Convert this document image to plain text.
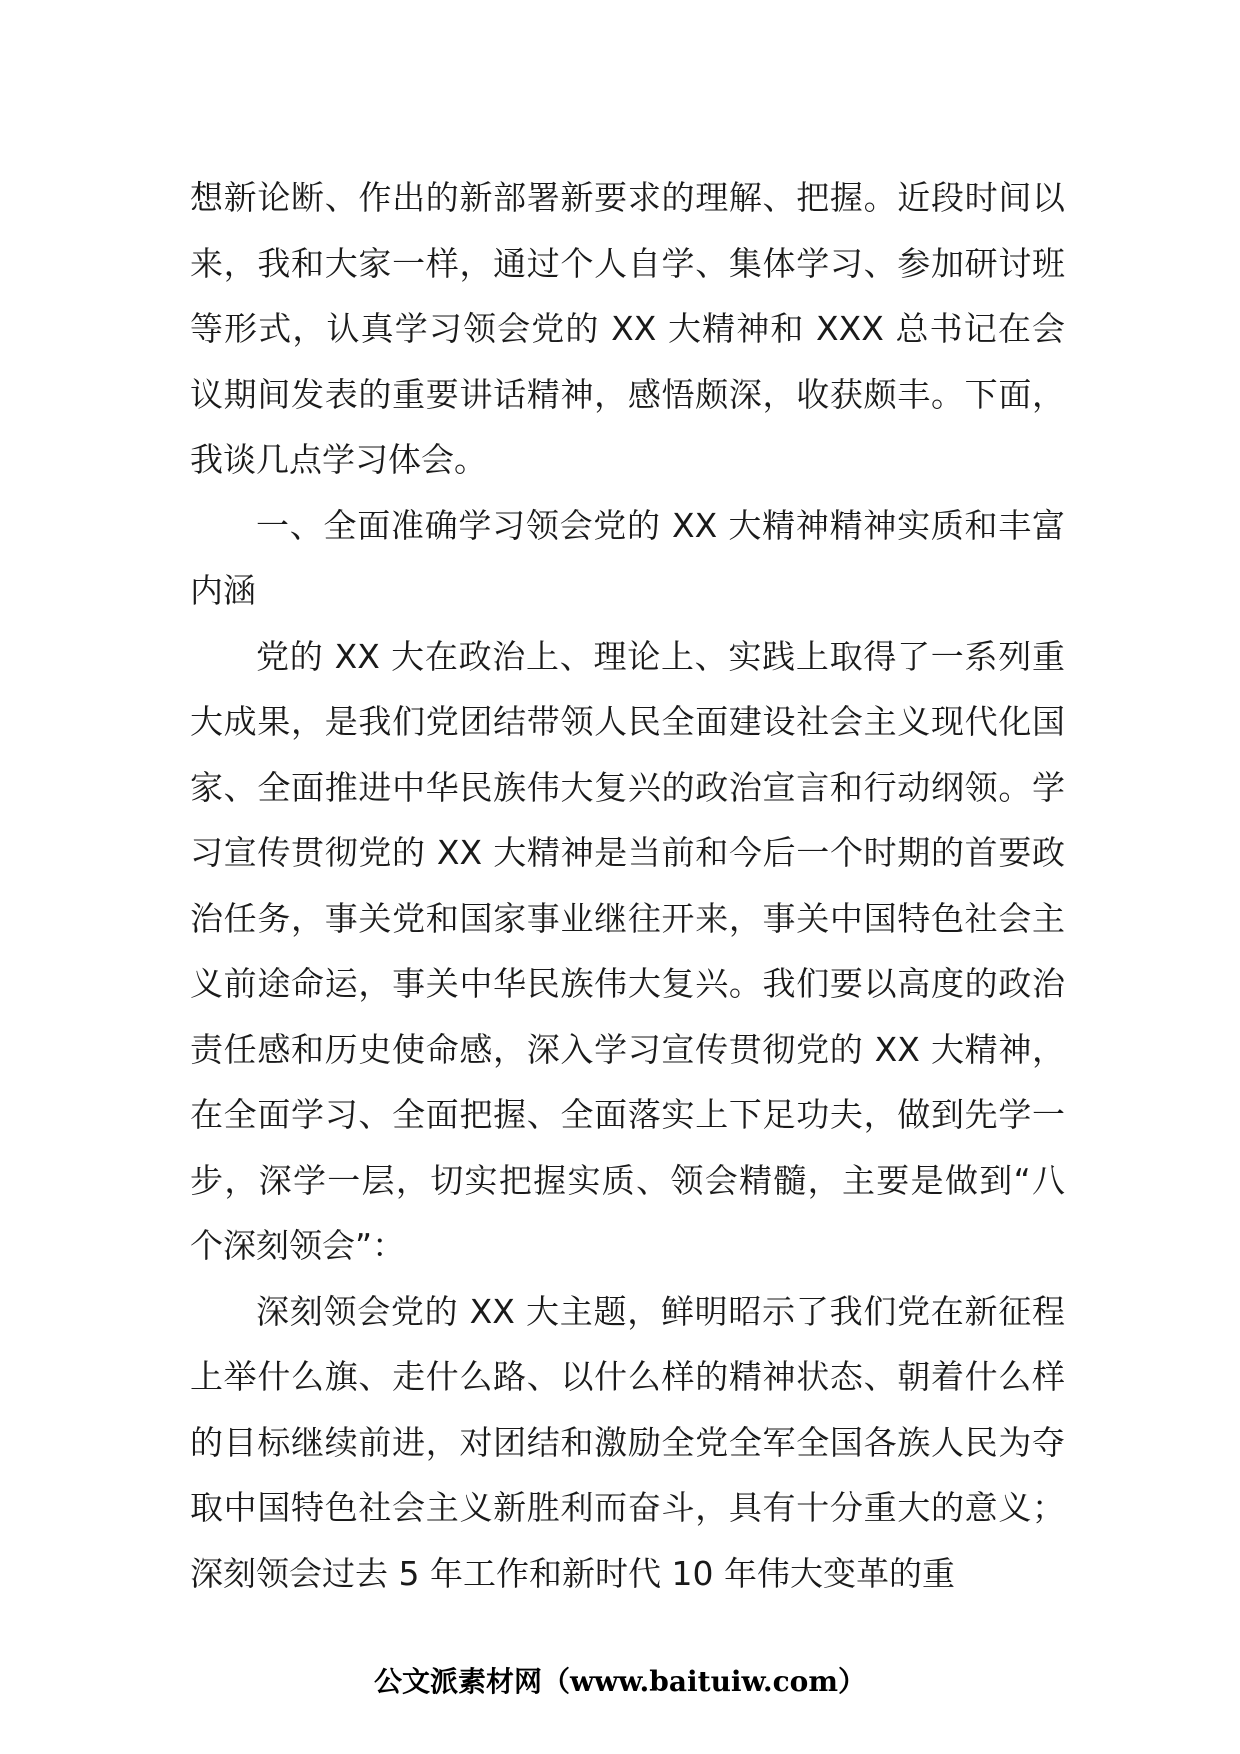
想新论断、作出的新部署新要求的理解、把握。近段时间以来，我和大家一样，通过个人自学、集体学习、参加研讨班等形式，认真学习领会党的 XX 大精神和 XXX 总书记在会议期间发表的重要讲话精神，感悟颇深，收获颇丰。下面，我谈几点学习体会。

一、全面准确学习领会党的 XX 大精神精神实质和丰富内涵

党的 XX 大在政治上、理论上、实践上取得了一系列重大成果，是我们党团结带领人民全面建设社会主义现代化国家、全面推进中华民族伟大复兴的政治宣言和行动纲领。学习宣传贯彻党的 XX 大精神是当前和今后一个时期的首要政治任务，事关党和国家事业继往开来，事关中国特色社会主义前途命运，事关中华民族伟大复兴。我们要以高度的政治责任感和历史使命感，深入学习宣传贯彻党的 XX 大精神，在全面学习、全面把握、全面落实上下足功夫，做到先学一步，深学一层，切实把握实质、领会精髓，主要是做到“八个深刻领会”：

深刻领会党的 XX 大主题，鲜明昭示了我们党在新征程上举什么旗、走什么路、以什么样的精神状态、朝着什么样的目标继续前进，对团结和激励全党全军全国各族人民为夺取中国特色社会主义新胜利而奋斗，具有十分重大的意义；深刻领会过去 5 年工作和新时代 10 年伟大变革的重

公文派素材网（www.baituiw.com）
